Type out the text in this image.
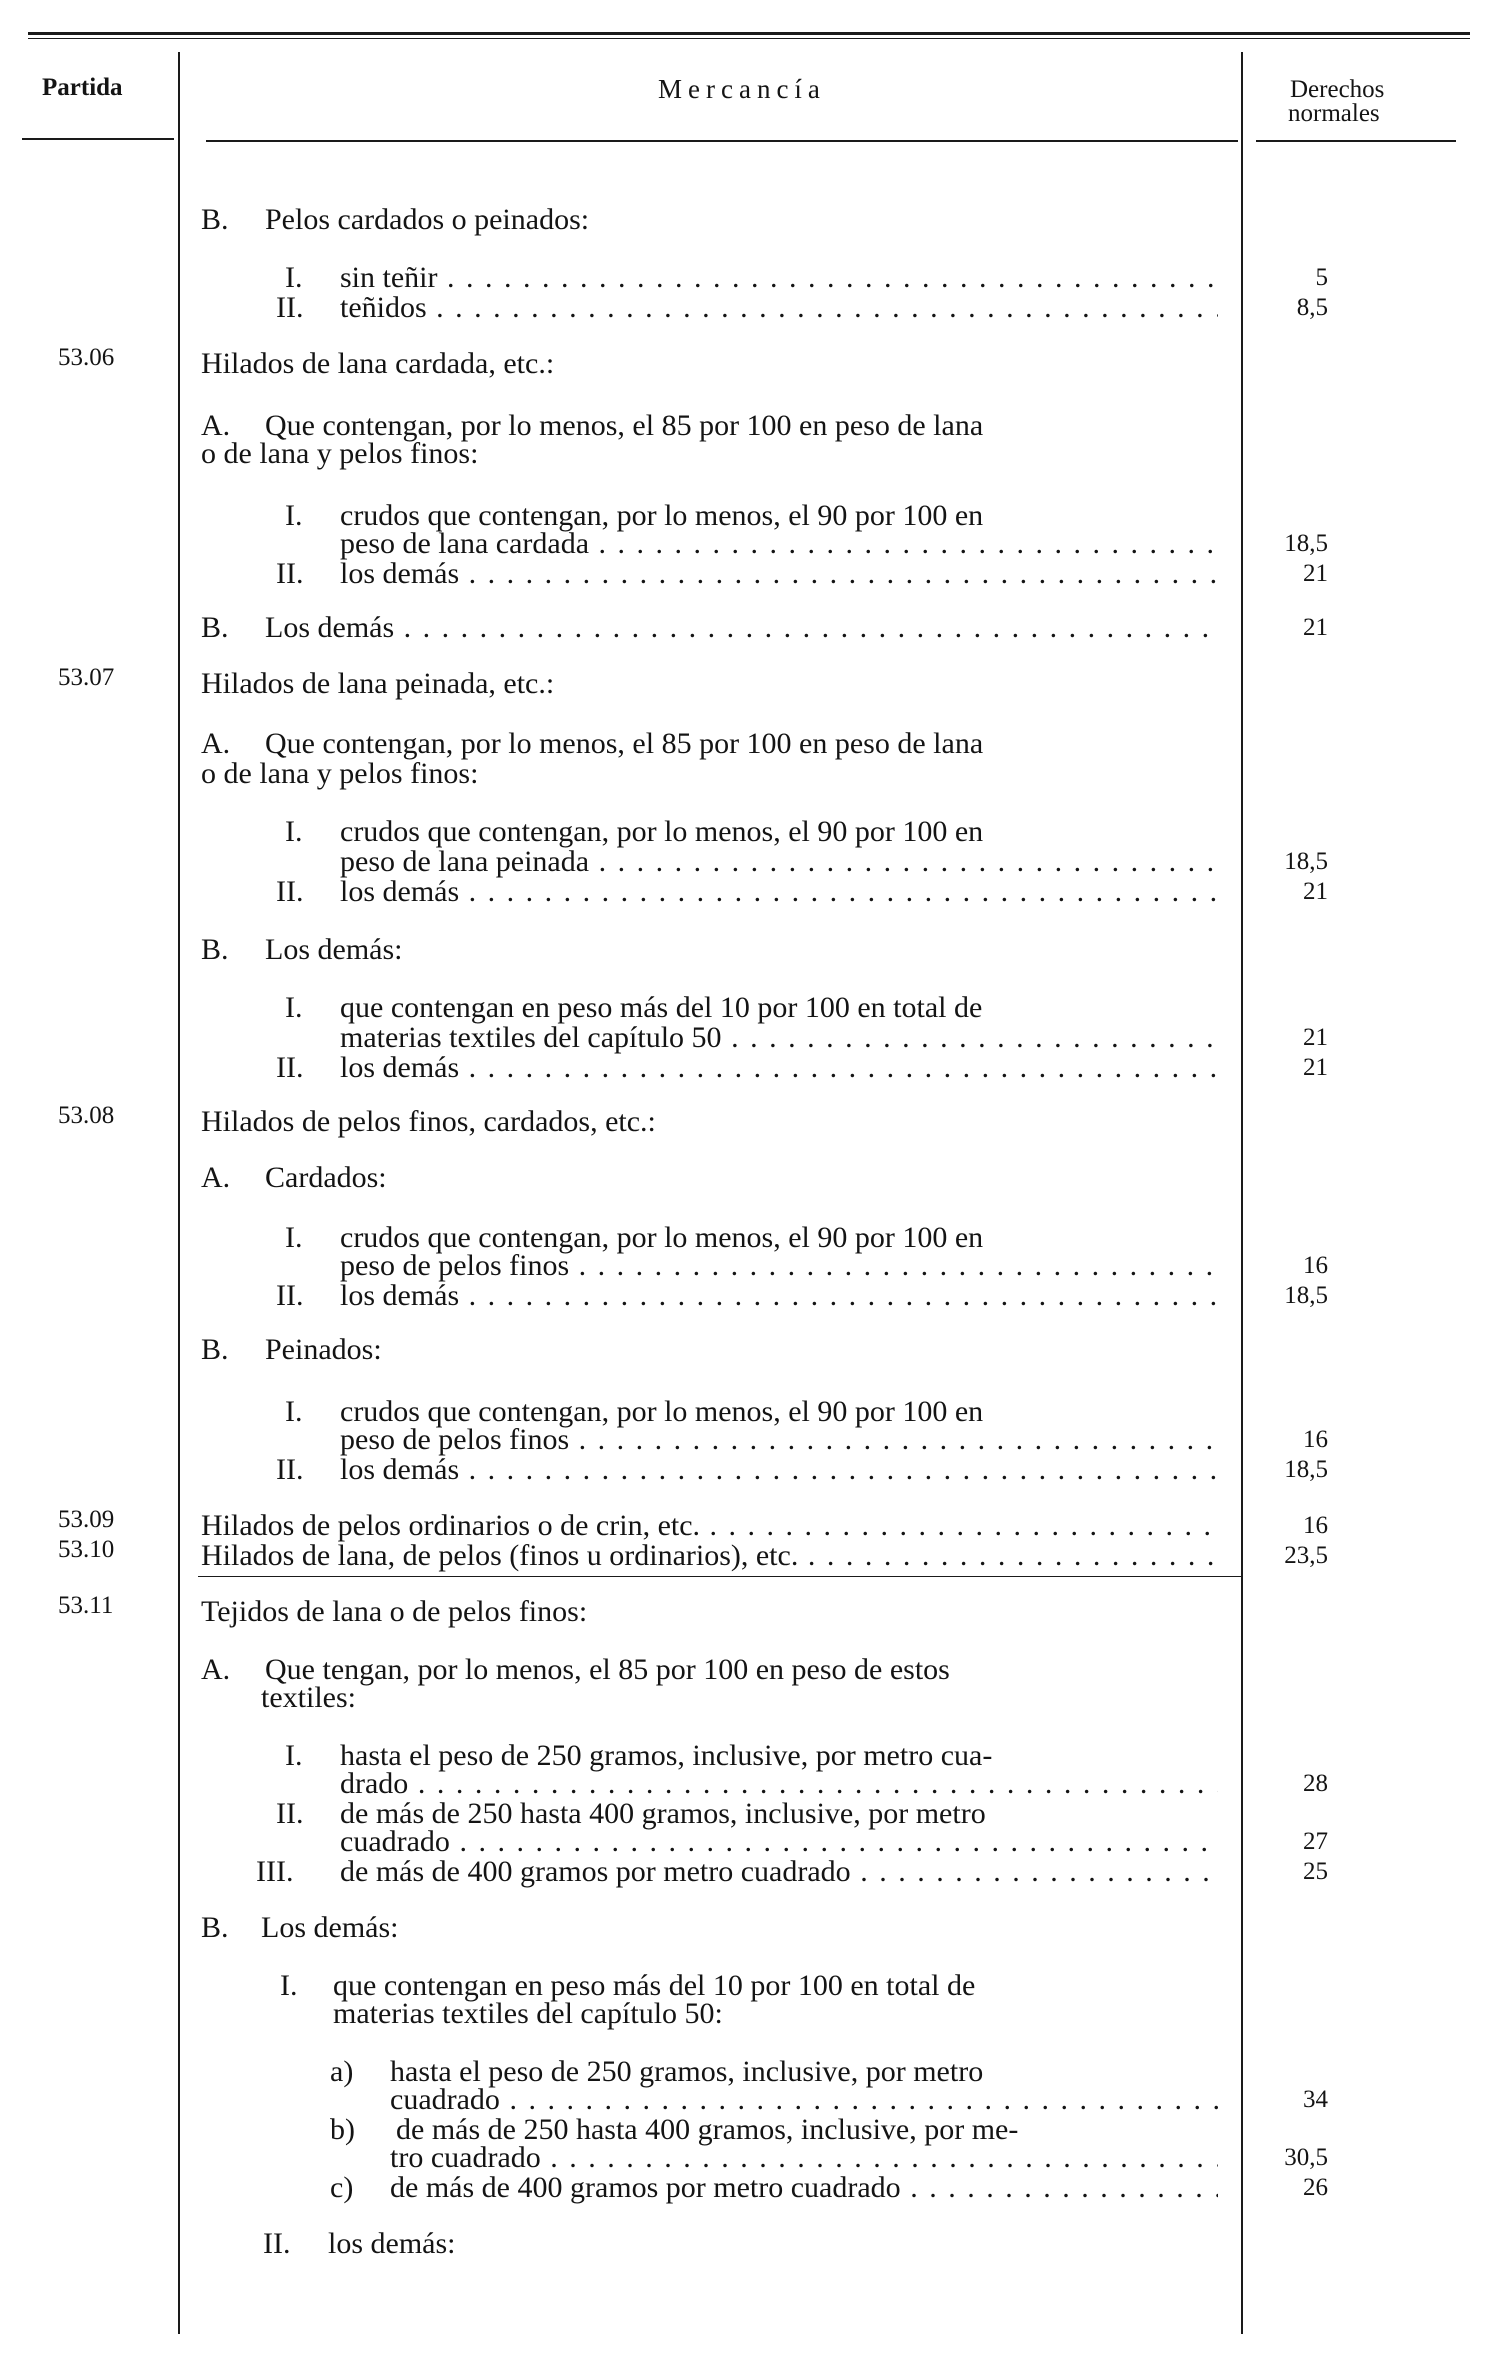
Partida	Mercancía	Derechos
normales
B. Pelos cardados o peinados:
I. sin teñir . . .	5
II. teñidos . . .	8,5
53.06	Hilados de lana cardada, etc.:
A. Que contengan, por lo menos, el 85 por 100 en peso de lana
o de lana y pelos finos:
I. crudos que contengan, por lo menos, el 90 por 100 en
peso de lana cardada . . .	18,5
II. los demás . . .	21
B. Los demás . . .	21
53.07	Hilados de lana peinada, etc.:
A. Que contengan, por lo menos, el 85 por 100 en peso de lana
o de lana y pelos finos:
I. crudos que contengan, por lo menos, el 90 por 100 en
peso de lana peinada . . .	18,5
II. los demás . . .	21
B. Los demás:
I. que contengan en peso más del 10 por 100 en total de
materias textiles del capítulo 50 . . .	21
II. los demás . . .	21
53.08	Hilados de pelos finos, cardados, etc.:
A. Cardados:
I. crudos que contengan, por lo menos, el 90 por 100 en
peso de pelos finos . . .	16
II. los demás . . .	18,5
B. Peinados:
I. crudos que contengan, por lo menos, el 90 por 100 en
peso de pelos finos . . .	16
II. los demás . . .	18,5
53.09	Hilados de pelos ordinarios o de crin, etc. . . .	16
53.10	Hilados de lana, de pelos (finos u ordinarios), etc. . . .	23,5
53.11	Tejidos de lana o de pelos finos:
A. Que tengan, por lo menos, el 85 por 100 en peso de estos
textiles:
I. hasta el peso de 250 gramos, inclusive, por metro cua-
drado . . .	28
II. de más de 250 hasta 400 gramos, inclusive, por metro
cuadrado . . .	27
III. de más de 400 gramos por metro cuadrado . . .	25
B. Los demás:
I. que contengan en peso más del 10 por 100 en total de
materias textiles del capítulo 50:
a) hasta el peso de 250 gramos, inclusive, por metro
cuadrado . . .	34
b) de más de 250 hasta 400 gramos, inclusive, por me-
tro cuadrado . . .	30,5
c) de más de 400 gramos por metro cuadrado . . .	26
II. los demás:
